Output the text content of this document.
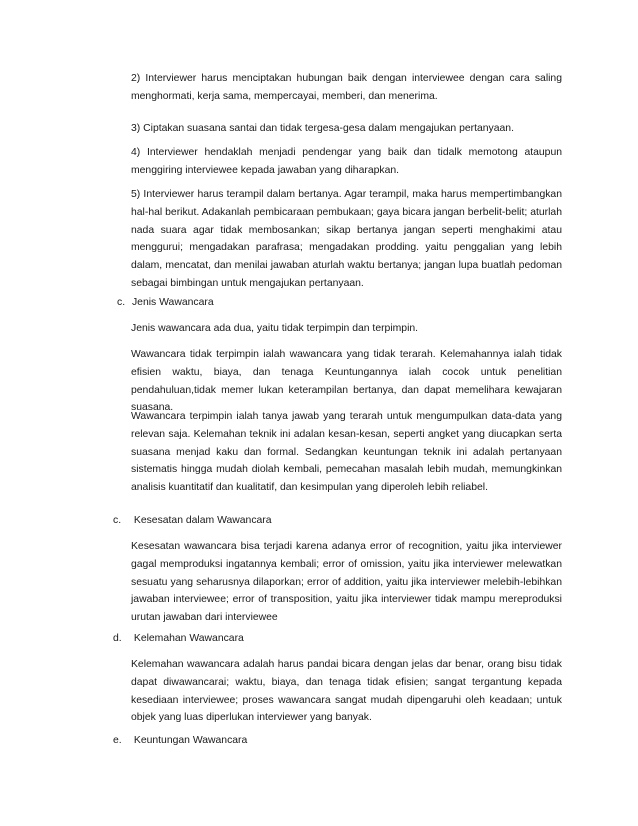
2) Interviewer harus menciptakan hubungan baik dengan interviewee dengan cara saling menghormati, kerja sama, mempercayai, memberi, dan menerima.

3) Ciptakan suasana santai dan tidak tergesa-gesa dalam mengajukan pertanyaan.

4) Interviewer hendaklah menjadi pendengar yang baik dan tidalk memotong ataupun menggiring interviewee kepada jawaban yang diharapkan.

5) Interviewer harus terampil dalam bertanya. Agar terampil, maka harus mempertimbangkan hal-hal berikut. Adakanlah pembicaraan pembukaan; gaya bicara jangan berbelit-belit; aturlah nada suara agar tidak membosankan; sikap bertanya jangan seperti menghakimi atau menggurui; mengadakan parafrasa; mengadakan prodding. yaitu penggalian yang lebih dalam, mencatat, dan menilai jawaban aturlah waktu bertanya; jangan lupa buatlah pedoman sebagai bimbingan untuk mengajukan pertanyaan.

c. Jenis Wawancara

Jenis wawancara ada dua, yaitu tidak terpimpin dan terpimpin.

Wawancara tidak terpimpin ialah wawancara yang tidak terarah. Kelemahannya ialah tidak efisien waktu, biaya, dan tenaga Keuntungannya ialah cocok untuk penelitian pendahuluan,tidak memer lukan keterampilan bertanya, dan dapat memelihara kewajaran suasana.

Wawancara terpimpin ialah tanya jawab yang terarah untuk mengumpulkan data-data yang relevan saja. Kelemahan teknik ini adalan kesan-kesan, seperti angket yang diucapkan serta suasana menjad kaku dan formal. Sedangkan keuntungan teknik ini adalah pertanyaan sistematis hingga mudah diolah kembali, pemecahan masalah lebih mudah, memungkinkan analisis kuantitatif dan kualitatif, dan kesimpulan yang diperoleh lebih reliabel.

c. Kesesatan dalam Wawancara

Kesesatan wawancara bisa terjadi karena adanya error of recognition, yaitu jika interviewer gagal memproduksi ingatannya kembali; error of omission, yaitu jika interviewer melewatkan sesuatu yang seharusnya dilaporkan; error of addition, yaitu jika interviewer melebih-lebihkan jawaban interviewee; error of transposition, yaitu jika interviewer tidak mampu mereproduksi urutan jawaban dari interviewee

d. Kelemahan Wawancara

Kelemahan wawancara adalah harus pandai bicara dengan jelas dar benar, orang bisu tidak dapat diwawancarai; waktu, biaya, dan tenaga tidak efisien; sangat tergantung kepada kesediaan interviewee; proses wawancara sangat mudah dipengaruhi oleh keadaan; untuk objek yang luas diperlukan interviewer yang banyak.

e. Keuntungan Wawancara
